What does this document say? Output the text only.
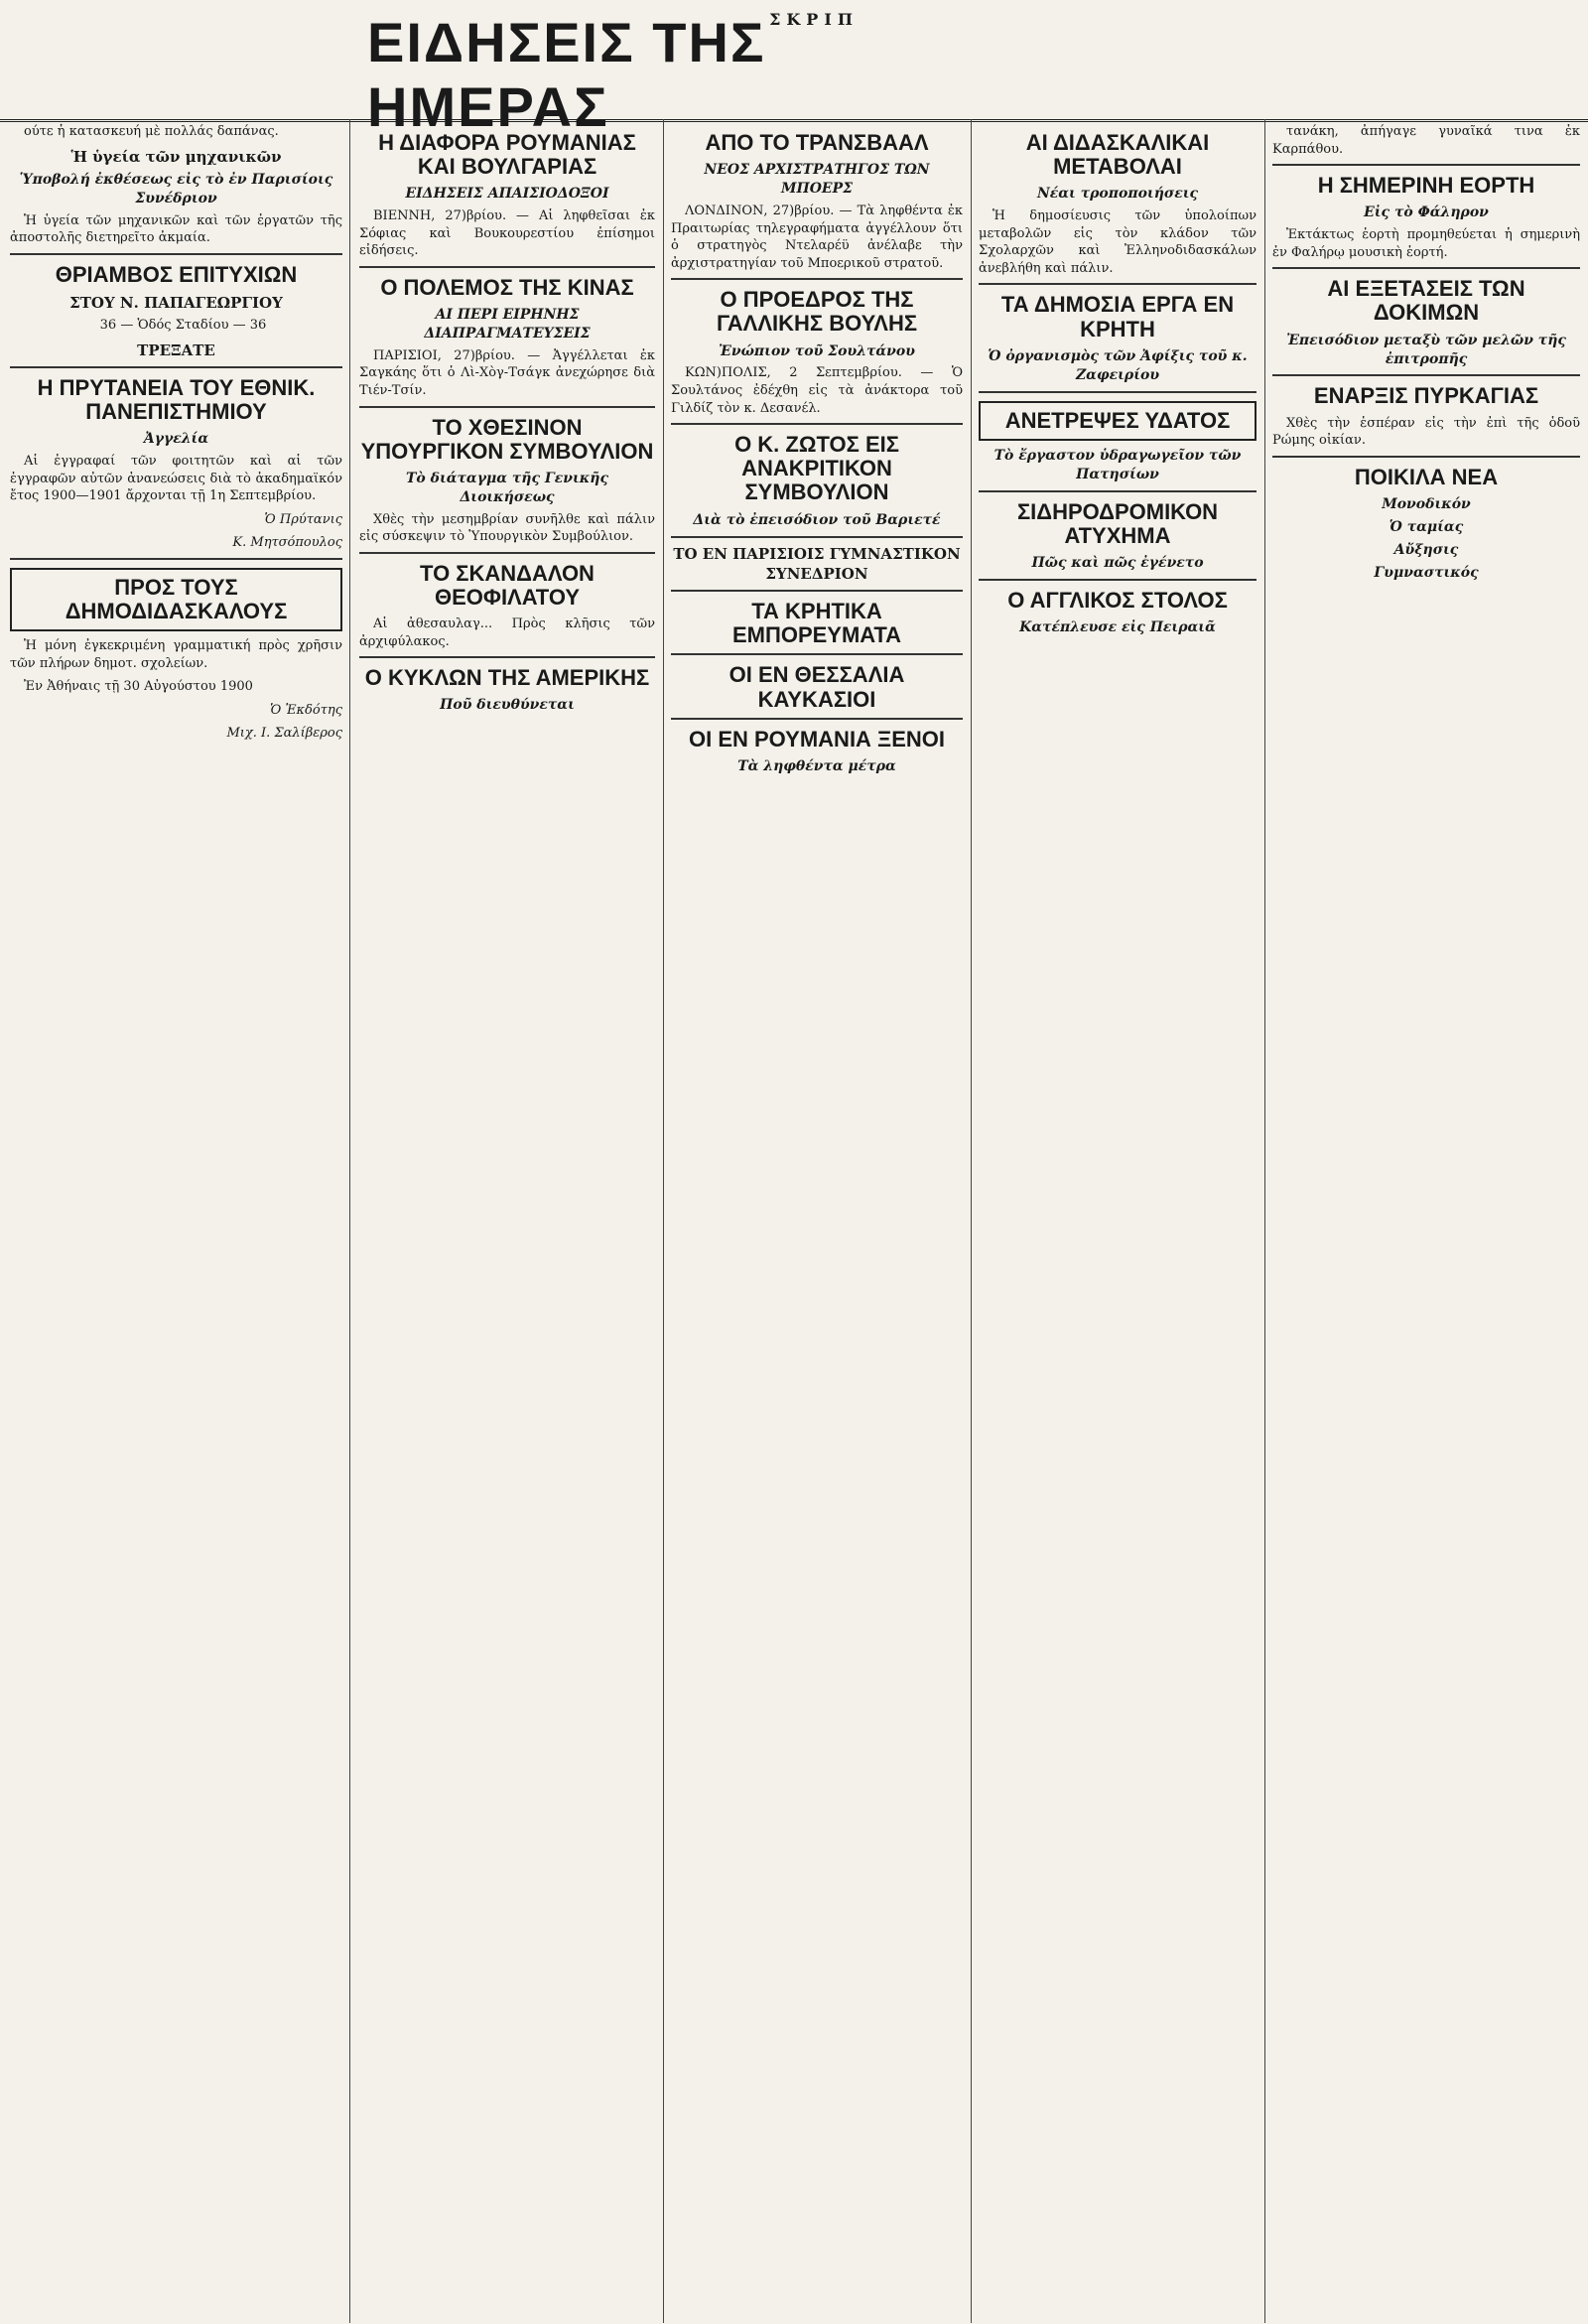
ΣΚΡΙΠ
ΕΙΔΗΣΕΙΣ ΤΗΣ ΗΜΕΡΑΣ

ούτε ἡ κατασκευή μὲ πολλάς δαπάνας.

Ἡ ὑγεία τῶν μηχανικῶν
Ὑποβολή ἐκθέσεως εἰς τὸ ἐν Παρισίοις Συνέδριον

Ἡ ὑγεία τῶν μηχανικῶν καὶ τῶν ἐργατῶν τῆς ἀποστολῆς διετηρεῖτο ἀκμαία.

ΘΡΙΑΜΒΟΣ ΕΠΙΤΥΧΙΩΝ
ΣΤΟΥ Ν. ΠΑΠΑΓΕΩΡΓΙΟΥ

36 — Ὁδός Σταδίου — 36

ΤΡΕΞΑΤΕ
Η ΠΡΥΤΑΝΕΙΑ ΤΟΥ ΕΘΝΙΚ. ΠΑΝΕΠΙΣΤΗΜΙΟΥ
Ἀγγελία

Αἱ ἐγγραφαί τῶν φοιτητῶν καὶ αἱ τῶν ἐγγραφῶν αὐτῶν ἀνανεώσεις διὰ τὸ ἀκαδημαϊκόν ἔτος 1900—1901 ἄρχονται τῇ 1η Σεπτεμβρίου.

Ὁ Πρύτανις
Κ. Μητσόπουλος
ΠΡΟΣ ΤΟΥΣ ΔΗΜΟΔΙΔΑΣΚΑΛΟΥΣ

Ἡ μόνη ἐγκεκριμένη γραμματική πρὸς χρῆσιν τῶν πλήρων δημοτ. σχολείων.

Ἐν Ἀθήναις τῇ 30 Αὐγούστου 1900

Ὁ Ἐκδότης
Μιχ. Ι. Σαλίβερος
Η ΔΙΑΦΟΡΑ ΡΟΥΜΑΝΙΑΣ ΚΑΙ ΒΟΥΛΓΑΡΙΑΣ
ΕΙΔΗΣΕΙΣ ΑΠΑΙΣΙΟΔΟΞΟΙ

ΒΙΕΝΝΗ, 27)βρίου. — Αἱ ληφθεῖσαι ἐκ Σόφιας καὶ Βουκουρεστίου ἐπίσημοι εἰδήσεις.

Ο ΠΟΛΕΜΟΣ ΤΗΣ ΚΙΝΑΣ
ΑΙ ΠΕΡΙ ΕΙΡΗΝΗΣ ΔΙΑΠΡΑΓΜΑΤΕΥΣΕΙΣ

ΠΑΡΙΣΙΟΙ, 27)βρίου. — Ἀγγέλλεται ἐκ Σαγκάης ὅτι ὁ Λὶ-Χὸγ-Τσάγκ ἀνεχώρησε διὰ Τιέν-Τσίν.

ΤΟ ΧΘΕΣΙΝΟΝ ΥΠΟΥΡΓΙΚΟΝ ΣΥΜΒΟΥΛΙΟΝ
Τὸ διάταγμα τῆς Γενικῆς Διοικήσεως

Χθὲς τὴν μεσημβρίαν συνῆλθε καὶ πάλιν εἰς σύσκεψιν τὸ Ὑπουργικὸν Συμβούλιον.

ΤΟ ΣΚΑΝΔΑΛΟΝ ΘΕΟΦΙΛΑΤΟΥ

Αἱ ἀθεσαυλαγ... Πρὸς κλῆσις τῶν ἀρχιφύλακος.

Ο ΚΥΚΛΩΝ ΤΗΣ ΑΜΕΡΙΚΗΣ
Ποῦ διευθύνεται
ΑΠΟ ΤΟ ΤΡΑΝΣΒΑΑΛ
ΝΕΟΣ ΑΡΧΙΣΤΡΑΤΗΓΟΣ ΤΩΝ ΜΠΟΕΡΣ

ΛΟΝΔΙΝΟΝ, 27)βρίου. — Τὰ ληφθέντα ἐκ Πραιτωρίας τηλεγραφήματα ἀγγέλλουν ὅτι ὁ στρατηγὸς Ντελαρέϋ ἀνέλαβε τὴν ἀρχιστρατηγίαν τοῦ Μποερικοῦ στρατοῦ.

Ο ΠΡΟΕΔΡΟΣ ΤΗΣ ΓΑΛΛΙΚΗΣ ΒΟΥΛΗΣ
Ἐνώπιον τοῦ Σουλτάνου

ΚΩΝ)ΠΟΛΙΣ, 2 Σεπτεμβρίου. — Ὁ Σουλτάνος ἐδέχθη εἰς τὰ ἀνάκτορα τοῦ Γιλδίζ τὸν κ. Δεσανέλ.

Ο Κ. ΖΩΤΟΣ ΕΙΣ ΑΝΑΚΡΙΤΙΚΟΝ ΣΥΜΒΟΥΛΙΟΝ
Διὰ τὸ ἐπεισόδιον τοῦ Βαριετέ
ΤΟ ΕΝ ΠΑΡΙΣΙΟΙΣ ΓΥΜΝΑΣΤΙΚΟΝ ΣΥΝΕΔΡΙΟΝ
ΤΑ ΚΡΗΤΙΚΑ ΕΜΠΟΡΕΥΜΑΤΑ
ΟΙ ΕΝ ΘΕΣΣΑΛΙΑ ΚΑΥΚΑΣΙΟΙ
ΟΙ ΕΝ ΡΟΥΜΑΝΙΑ ΞΕΝΟΙ
Τὰ ληφθέντα μέτρα
ΑΙ ΔΙΔΑΣΚΑΛΙΚΑΙ ΜΕΤΑΒΟΛΑΙ
Νέαι τροποποιήσεις

Ἡ δημοσίευσις τῶν ὑπολοίπων μεταβολῶν εἰς τὸν κλάδον τῶν Σχολαρχῶν καὶ Ἑλληνοδιδασκάλων ἀνεβλήθη καὶ πάλιν.

ΤΑ ΔΗΜΟΣΙΑ ΕΡΓΑ ΕΝ ΚΡΗΤΗ
Ὁ ὀργανισμὸς τῶν Ἀφίξις τοῦ κ. Ζαφειρίου
ΑΝΕΤΡΕΨΕΣ ΥΔΑΤΟΣ
Τὸ ἔργαστον ὑδραγωγεῖον τῶν Πατησίων
ΣΙΔΗΡΟΔΡΟΜΙΚΟΝ ΑΤΥΧΗΜΑ
Πῶς καὶ πῶς ἐγένετο
Ο ΑΓΓΛΙΚΟΣ ΣΤΟΛΟΣ
Κατέπλευσε εἰς Πειραιᾶ

τανάκη, ἀπήγαγε γυναῖκά τινα ἐκ Καρπάθου.

Η ΣΗΜΕΡΙΝΗ ΕΟΡΤΗ
Εἰς τὸ Φάληρον

Ἐκτάκτως ἑορτὴ προμηθεύεται ἡ σημερινὴ ἐν Φαλήρῳ μουσικὴ ἑορτή.

ΑΙ ΕΞΕΤΑΣΕΙΣ ΤΩΝ ΔΟΚΙΜΩΝ
Ἐπεισόδιον μεταξὺ τῶν μελῶν τῆς ἐπιτροπῆς
ΕΝΑΡΞΙΣ ΠΥΡΚΑΓΙΑΣ

Χθὲς τὴν ἑσπέραν εἰς τὴν ἐπὶ τῆς ὁδοῦ Ρώμης οἰκίαν.

ΠΟΙΚΙΛΑ ΝΕΑ
Μονοδικόν
Ὁ ταμίας
Αὔξησις
Γυμναστικός
